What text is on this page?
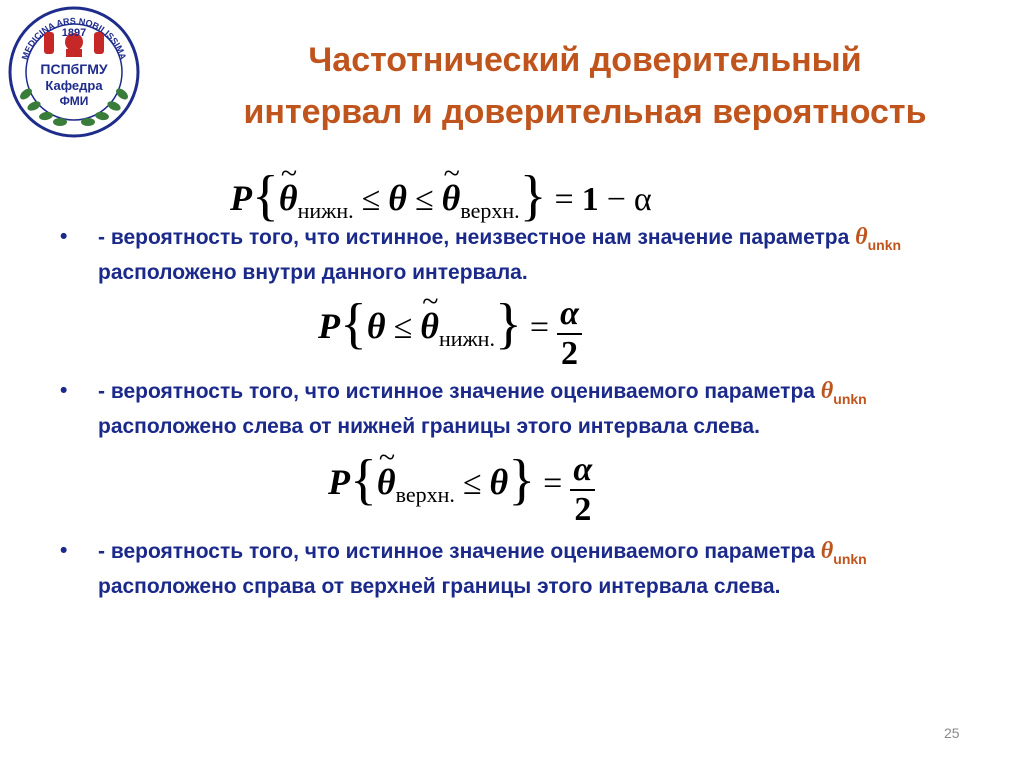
1897
ПСПбГМУ
Кафедра
ФМИ
MEDICINA ARS NOBILISSIMA	Частотнический доверительный
интервал и доверительная вероятность
P{~ θнижн. ≤ θ ≤ ~ θверхн.} = 1 − α
• - вероятность того, что истинное, неизвестное нам значение параметра $\theta_{unkn}$ расположено внутри данного интервала.
P{θ ≤ ~ θнижн.} = $\frac{\alpha}{2}$
• - вероятность того, что истинное значение оцениваемого параметра $\theta_{unkn}$ расположено слева от нижней границы этого интервала слева.
P{~ θверхн. ≤ $\theta\} = \frac{\alpha}{2}$
• - вероятность того, что истинное значение оцениваемого параметра $\theta_{unkn}$ расположено справа от верхней границы этого интервала слева.
25
